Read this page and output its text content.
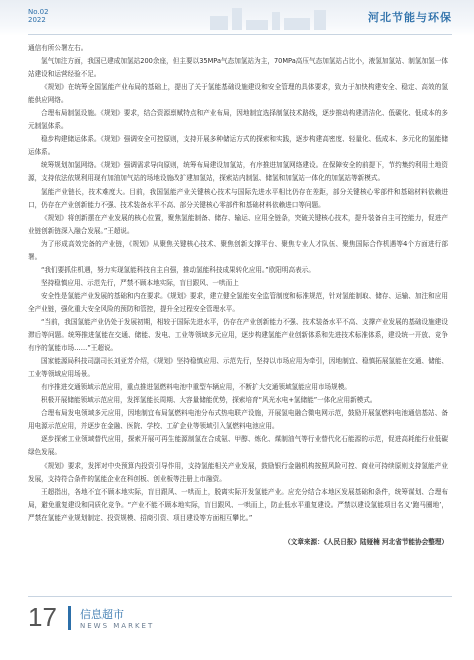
No.02
2022	河北节能与环保

通信有所公署左右。

氢气加注方面，我国已建成加氢站200余座，但主要以35MPa气态加氢站为主，70MPa高压气态加氢站占比小，液氢加氢站、制氢加氢一体站建设和运营经验不足。

《规划》在统筹全国氢能产业布局的基础上，提出了关于氢能基础设施建设和安全管理的具体要求，致力于加快构建安全、稳定、高效的氢能供应网络。

合理布局制氢设施。《规划》要求，结合资源禀赋特点和产业布局，因地制宜选择制氢技术路线，逐步推动构建清洁化、低碳化、低成本的多元制氢体系。

稳步构建储运体系。《规划》强调安全可控原则，支持开展多种储运方式的探索和实践，逐步构建高密度、轻量化、低成本、多元化的氢能储运体系。

统筹规划加氢网络。《规划》强调需求导向原则，统筹布局建设加氢站，有序推进加氢网络建设。在保障安全的前提下，节约集约利用土地资源，支持依法依规利用现有加油加气站的场地设施改扩建加氢站，探索站内制氢、储氢和加氢站一体化的加氢站等新模式。

氢能产业链长，技术难度大。目前，我国氢能产业关键核心技术与国际先进水平相比仍存在差距，部分关键核心零部件和基础材料依赖进口，仍存在产业创新能力不强、技术装备水平不高、部分关键核心零部件和基础材料依赖进口等问题。

《规划》将创新摆在产业发展的核心位置，聚焦氢能制备、储存、输运、应用全链条，突破关键核心技术，提升装备自主可控能力，促进产业链创新链深入融合发展。”王超说。

为了形成高效完备的产业链，《规划》从聚焦关键核心技术、聚焦创新支撑平台、聚焦专业人才队伍、聚焦国际合作机遇等4个方面进行部署。

“我们要抓住机遇，努力实现氢能科技自主自强，推动氢能科技成果转化应用。”欧阳明高表示。

坚持稳慎应用、示范先行，严禁不顾本地实际，盲目跟风、一哄而上

安全性是氢能产业发展的基础和内在要求。《规划》要求，建立健全氢能安全监管制度和标准规范，针对氢能制取、储存、运输、加注和应用全产业链，强化重大安全风险的预防和管控，提升全过程安全管理水平。

“当前，我国氢能产业仍处于发展初期，相较于国际先进水平，仍存在产业创新能力不强、技术装备水平不高、支撑产业发展的基础设施建设滞后等问题。统筹推进氢能在交通、储能、发电、工业等领域多元应用，逐步构建氢能产业创新体系和先进技术标准体系，建设统一开放、竞争有序的氢能市场……”王超说。

国家能源局科技司副司长刘亚芳介绍，《规划》坚持稳慎应用、示范先行，坚持以市场应用为牵引，因地制宜、稳慎拓展氢能在交通、储能、工业等领域应用场景。

有序推进交通领域示范应用，重点推进氢燃料电池中重型车辆应用，不断扩大交通领域氢能应用市场规模。

积极开展储能领域示范应用，发挥氢能长周期、大容量储能优势，探索培育“风光水电+氢储能”一体化应用新模式。

合理布局发电领域多元应用，因地制宜布局氢燃料电池分布式热电联产设施，开展氢电融合微电网示范，鼓励开展氢燃料电池通信基站、备用电源示范应用，并逐步在金融、医院、学校、工矿企业等领域引入氢燃料电池应用。

逐步探索工业领域替代应用，探索开展可再生能源制氢在合成氨、甲醇、炼化、煤制油气等行业替代化石能源的示范，促进高耗能行业低碳绿色发展。

《规划》要求，发挥对中央预算内投资引导作用，支持氢能相关产业发展，鼓励银行金融机构按照风险可控、商业可持续原则支持氢能产业发展，支持符合条件的氢能企业在科创板、创业板等注册上市融资。

王超指出，各地不宜不顾本地实际，盲目跟风、一哄而上，脱离实际开发氢能产业。应充分结合本地区发展基础和条件，统筹谋划、合理布局，避免重复建设和同质化竞争。“产业不能不顾本地实际，盲目跟风、一哄而上，防止低水平重复建设。严禁以建设氢能项目名义‘跑马圈地’，严禁在氢能产业规划制定、投资规模、招商引资、项目建设等方面相互攀比。”

（文章来源：《人民日报》陆娅楠 河北省节能协会整理）

17 信息超市
NEWS MARKET
